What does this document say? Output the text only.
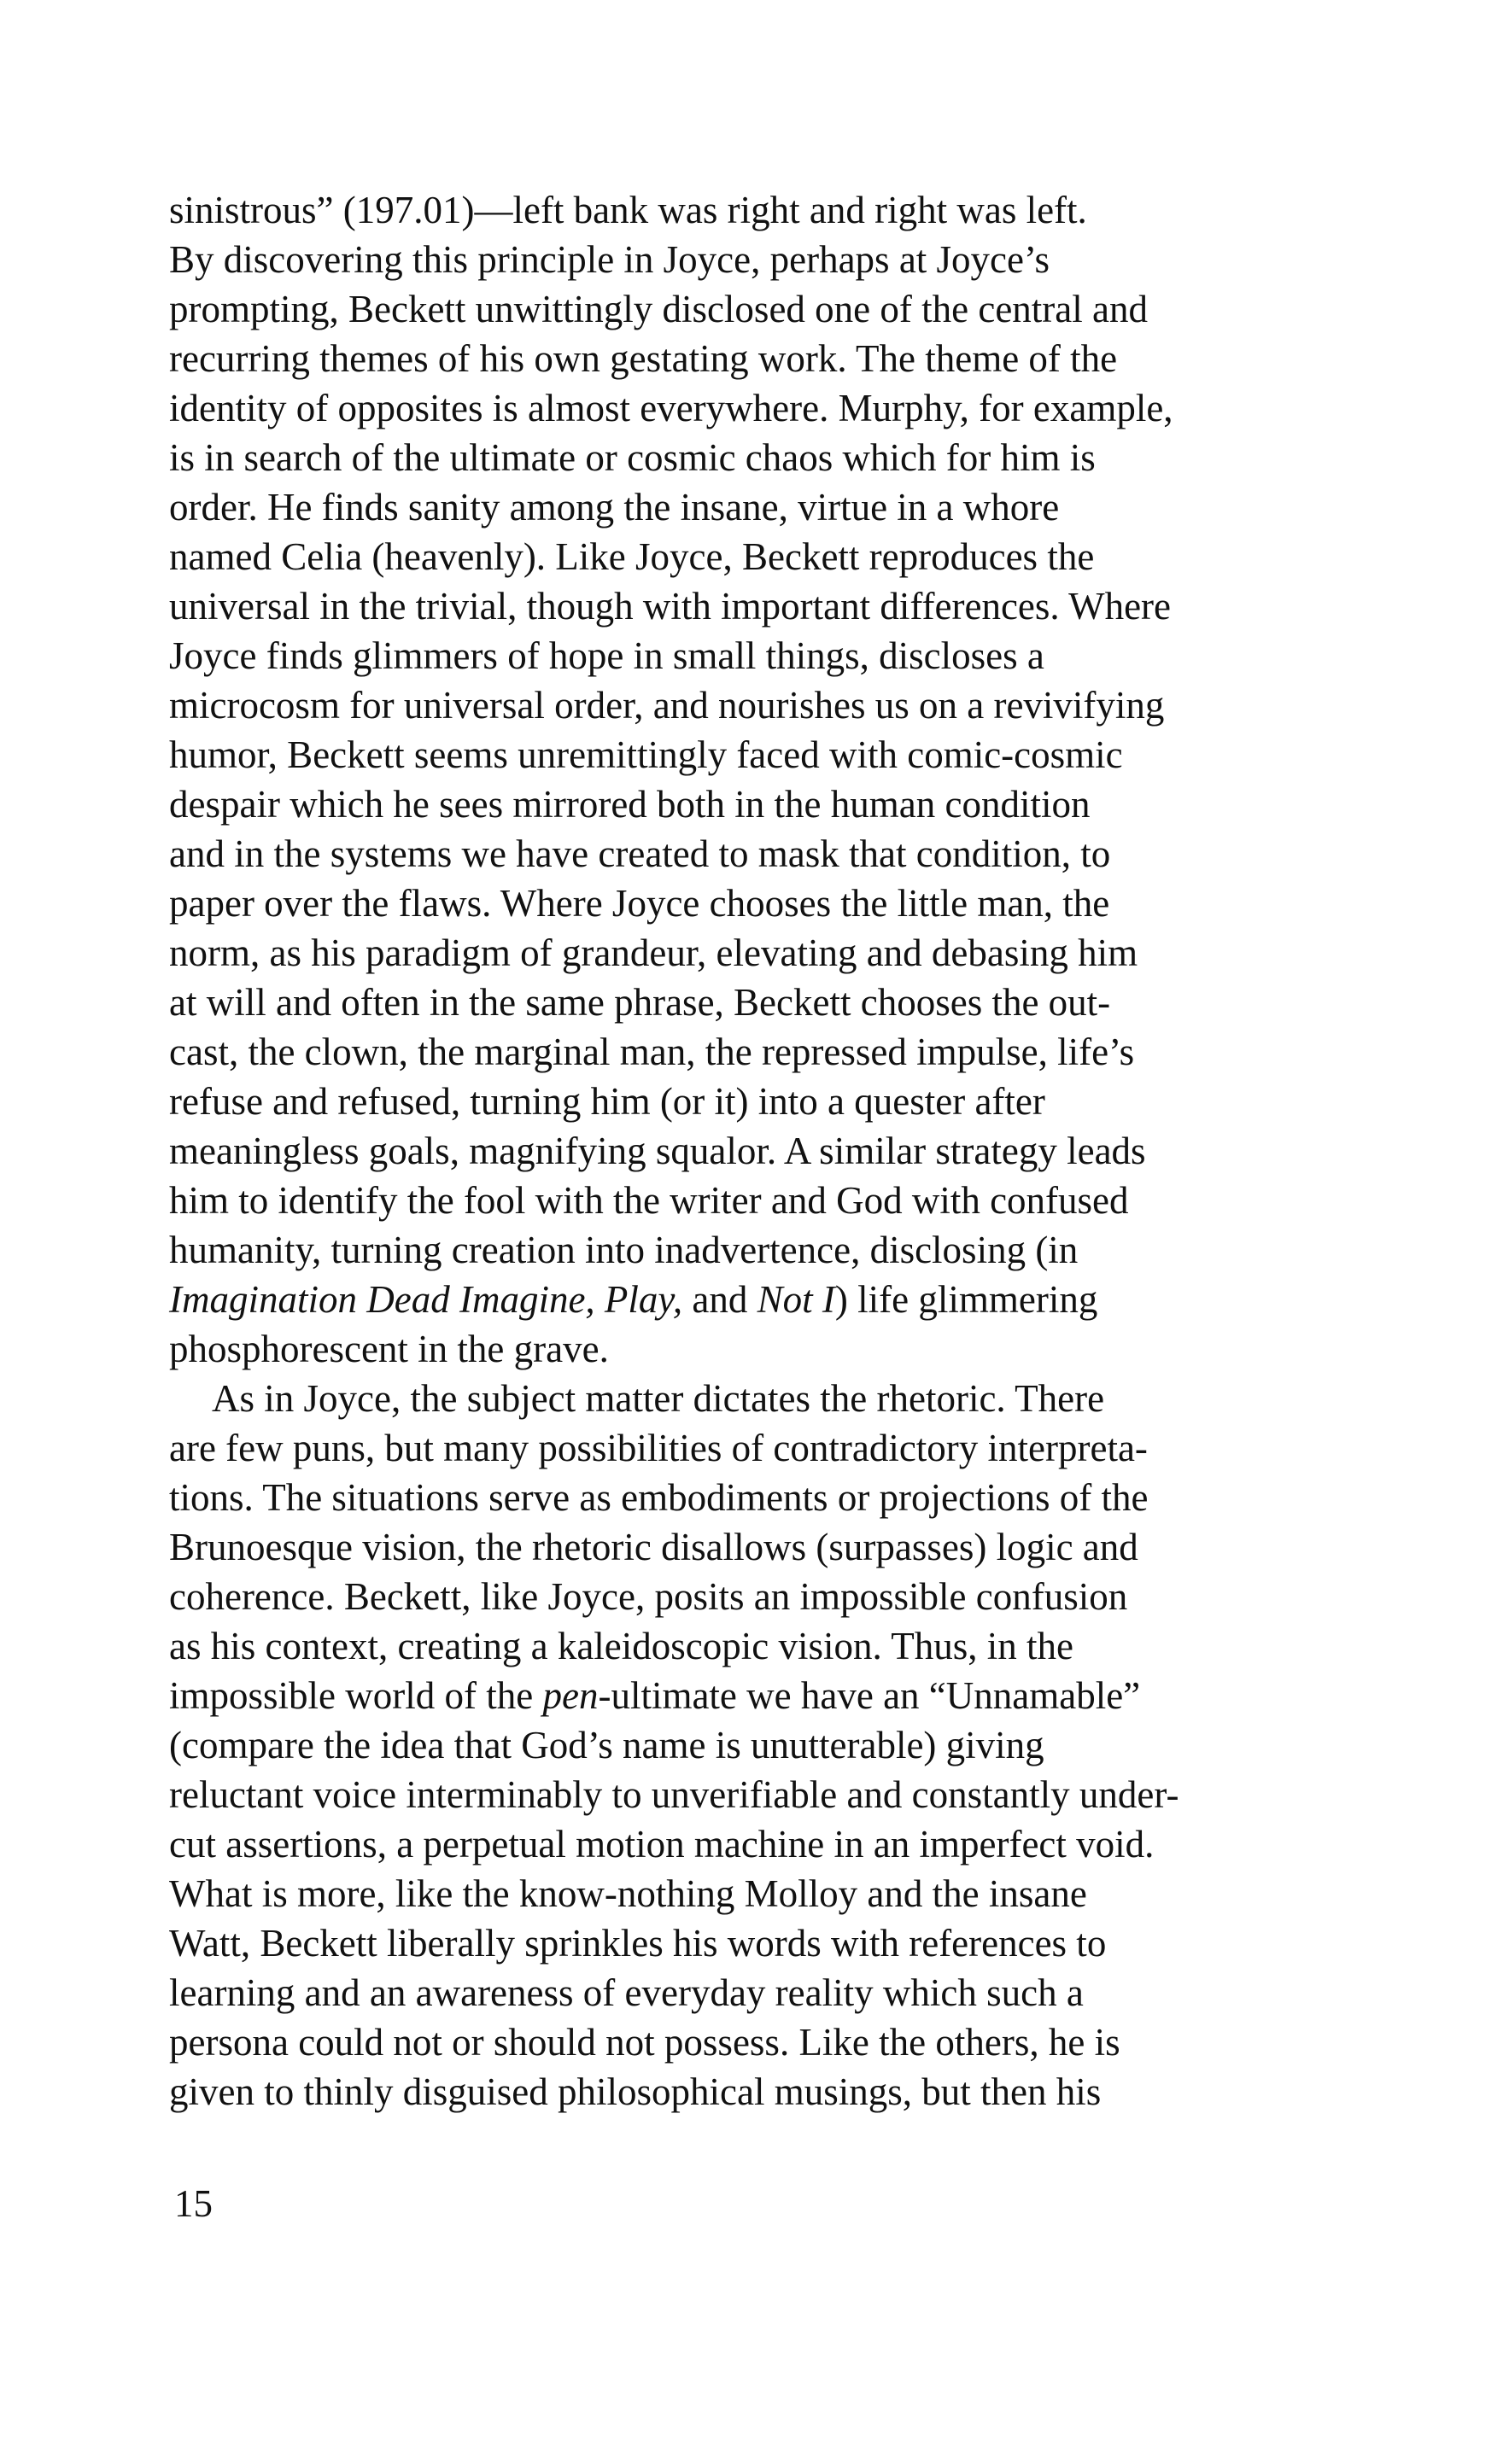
sinistrous” (197.01)—left bank was right and right was left.
By discovering this principle in Joyce, perhaps at Joyce’s
prompting, Beckett unwittingly disclosed one of the central and
recurring themes of his own gestating work. The theme of the
identity of opposites is almost everywhere. Murphy, for example,
is in search of the ultimate or cosmic chaos which for him is
order. He finds sanity among the insane, virtue in a whore
named Celia (heavenly). Like Joyce, Beckett reproduces the
universal in the trivial, though with important differences. Where
Joyce finds glimmers of hope in small things, discloses a
microcosm for universal order, and nourishes us on a revivifying
humor, Beckett seems unremittingly faced with comic-cosmic
despair which he sees mirrored both in the human condition
and in the systems we have created to mask that condition, to
paper over the flaws. Where Joyce chooses the little man, the
norm, as his paradigm of grandeur, elevating and debasing him
at will and often in the same phrase, Beckett chooses the out-
cast, the clown, the marginal man, the repressed impulse, life’s
refuse and refused, turning him (or it) into a quester after
meaningless goals, magnifying squalor. A similar strategy leads
him to identify the fool with the writer and God with confused
humanity, turning creation into inadvertence, disclosing (in
Imagination Dead Imagine, Play, and Not I) life glimmering
phosphorescent in the grave.
As in Joyce, the subject matter dictates the rhetoric. There
are few puns, but many possibilities of contradictory interpreta-
tions. The situations serve as embodiments or projections of the
Brunoesque vision, the rhetoric disallows (surpasses) logic and
coherence. Beckett, like Joyce, posits an impossible confusion
as his context, creating a kaleidoscopic vision. Thus, in the
impossible world of the pen-ultimate we have an “Unnamable”
(compare the idea that God’s name is unutterable) giving
reluctant voice interminably to unverifiable and constantly under-
cut assertions, a perpetual motion machine in an imperfect void.
What is more, like the know-nothing Molloy and the insane
Watt, Beckett liberally sprinkles his words with references to
learning and an awareness of everyday reality which such a
persona could not or should not possess. Like the others, he is
given to thinly disguised philosophical musings, but then his
15
